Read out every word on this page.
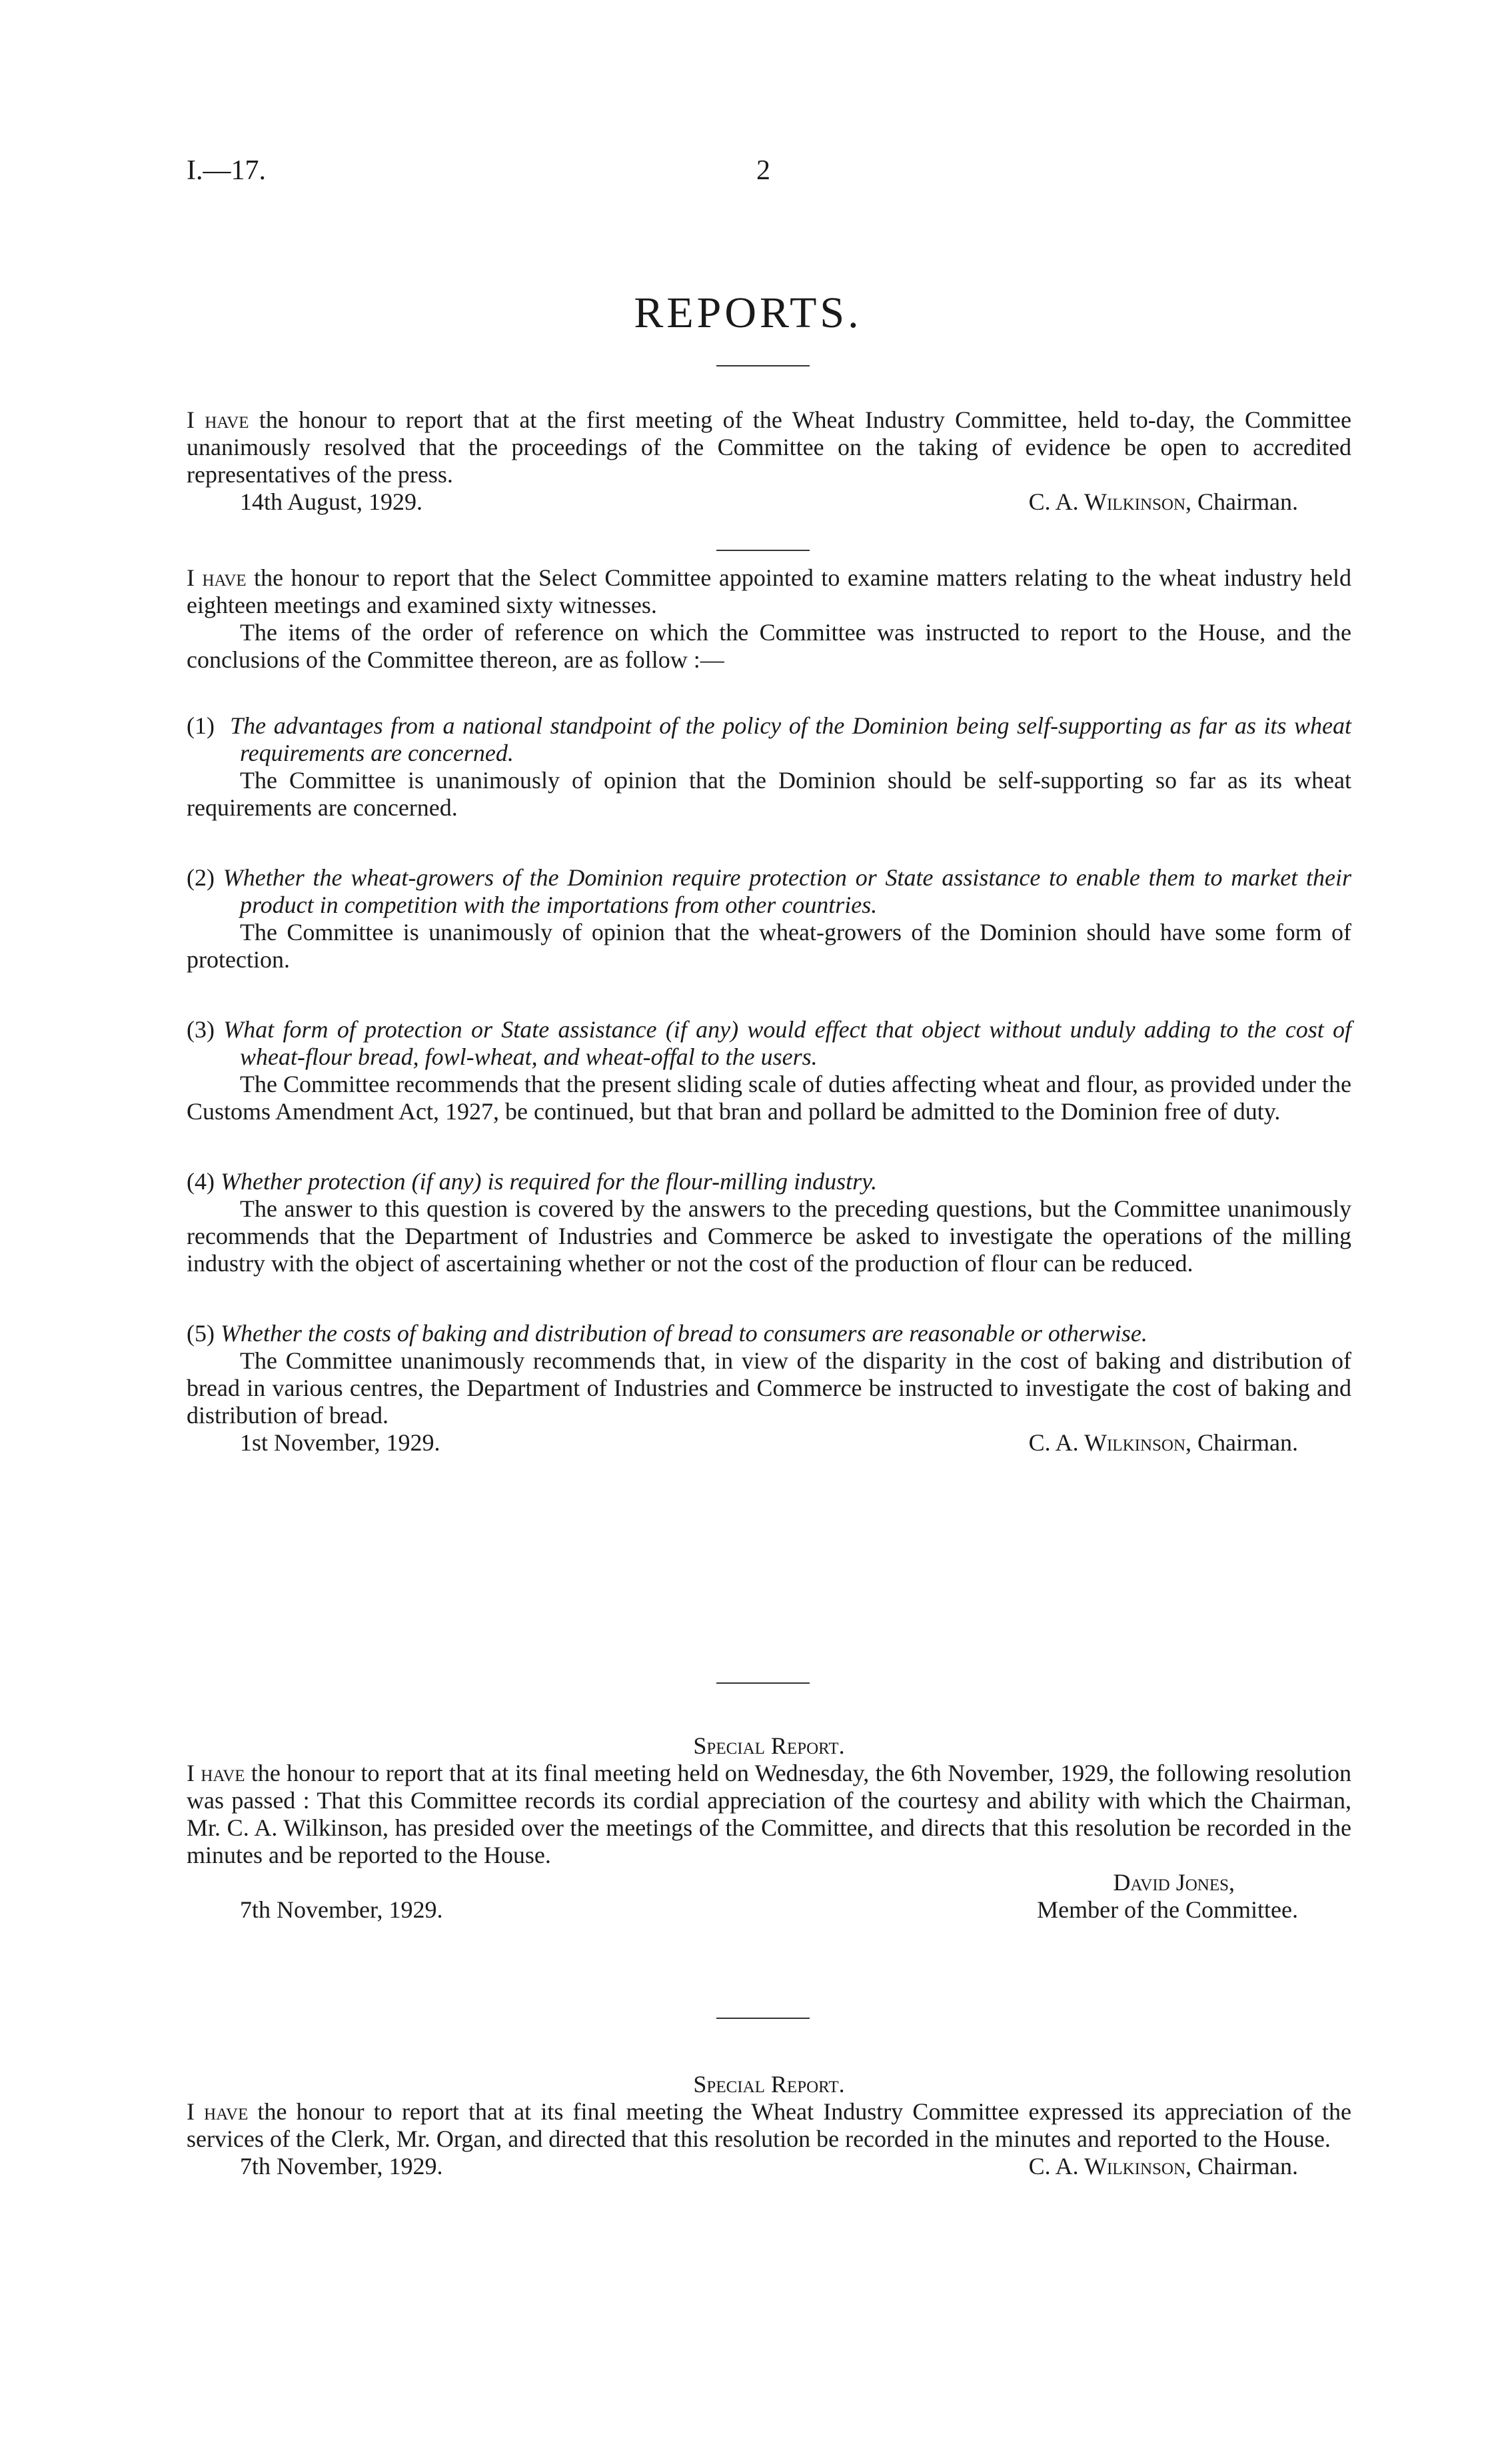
I.—17.	2
REPORTS.

I have the honour to report that at the first meeting of the Wheat Industry Committee, held to-day, the Committee unanimously resolved that the proceedings of the Committee on the taking of evidence be open to accredited representatives of the press.

14th August, 1929.	C. A. Wilkinson, Chairman.

I have the honour to report that the Select Committee appointed to examine matters relating to the wheat industry held eighteen meetings and examined sixty witnesses.

The items of the order of reference on which the Committee was instructed to report to the House, and the conclusions of the Committee thereon, are as follow :—

(1) The advantages from a national standpoint of the policy of the Dominion being self-supporting as far as its wheat requirements are concerned.

The Committee is unanimously of opinion that the Dominion should be self-supporting so far as its wheat requirements are concerned.

(2) Whether the wheat-growers of the Dominion require protection or State assistance to enable them to market their product in competition with the importations from other countries.

The Committee is unanimously of opinion that the wheat-growers of the Dominion should have some form of protection.

(3) What form of protection or State assistance (if any) would effect that object without unduly adding to the cost of wheat-flour bread, fowl-wheat, and wheat-offal to the users.

The Committee recommends that the present sliding scale of duties affecting wheat and flour, as provided under the Customs Amendment Act, 1927, be continued, but that bran and pollard be admitted to the Dominion free of duty.

(4) Whether protection (if any) is required for the flour-milling industry.

The answer to this question is covered by the answers to the preceding questions, but the Committee unanimously recommends that the Department of Industries and Commerce be asked to investigate the operations of the milling industry with the object of ascertaining whether or not the cost of the production of flour can be reduced.

(5) Whether the costs of baking and distribution of bread to consumers are reasonable or otherwise.

The Committee unanimously recommends that, in view of the disparity in the cost of baking and distribution of bread in various centres, the Department of Industries and Commerce be instructed to investigate the cost of baking and distribution of bread.

1st November, 1929.	C. A. Wilkinson, Chairman.

Special Report.

I have the honour to report that at its final meeting held on Wednesday, the 6th November, 1929, the following resolution was passed : That this Committee records its cordial appreciation of the courtesy and ability with which the Chairman, Mr. C. A. Wilkinson, has presided over the meetings of the Committee, and directs that this resolution be recorded in the minutes and be reported to the House.

David Jones,
7th November, 1929.	Member of the Committee.

Special Report.

I have the honour to report that at its final meeting the Wheat Industry Committee expressed its appreciation of the services of the Clerk, Mr. Organ, and directed that this resolution be recorded in the minutes and reported to the House.

7th November, 1929.	C. A. Wilkinson, Chairman.
